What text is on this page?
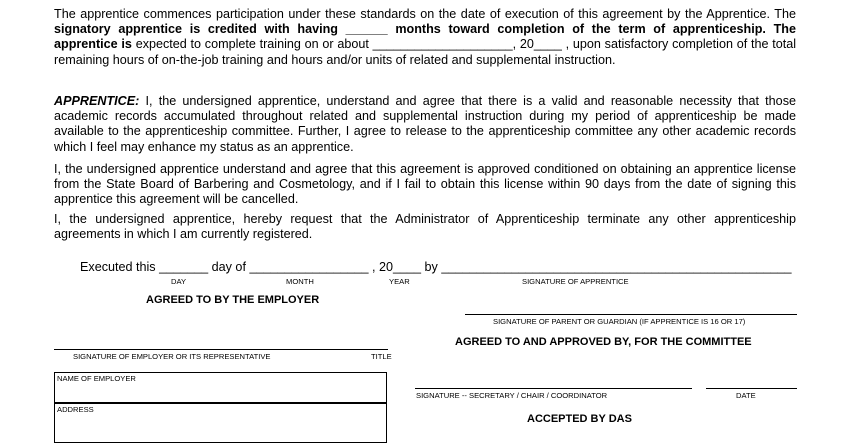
The apprentice commences participation under these standards on the date of execution of this agreement by the Apprentice. The signatory apprentice is credited with having ______ months toward completion of the term of apprenticeship. The apprentice is expected to complete training on or about ____________________, 20____ , upon satisfactory completion of the total remaining hours of on-the-job training and hours and/or units of related and supplemental instruction.
APPRENTICE: I, the undersigned apprentice, understand and agree that there is a valid and reasonable necessity that those academic records accumulated throughout related and supplemental instruction during my period of apprenticeship be made available to the apprenticeship committee. Further, I agree to release to the apprenticeship committee any other academic records which I feel may enhance my status as an apprentice.
I, the undersigned apprentice understand and agree that this agreement is approved conditioned on obtaining an apprentice license from the State Board of Barbering and Cosmetology, and if I fail to obtain this license within 90 days from the date of signing this apprentice this agreement will be cancelled.
I, the undersigned apprentice, hereby request that the Administrator of Apprenticeship terminate any other apprenticeship agreements in which I am currently registered.
Executed this _______ day of _________________ , 20____ by __________________________________________________
DAY	MONTH	YEAR	SIGNATURE OF APPRENTICE
AGREED TO BY THE EMPLOYER
SIGNATURE OF PARENT OR GUARDIAN (IF APPRENTICE IS 16 OR 17)
AGREED TO AND APPROVED BY, FOR THE COMMITTEE
SIGNATURE OF EMPLOYER OR ITS REPRESENTATIVE	TITLE
NAME OF EMPLOYER
ADDRESS
SIGNATURE -- SECRETARY / CHAIR / COORDINATOR	DATE
ACCEPTED BY DAS
